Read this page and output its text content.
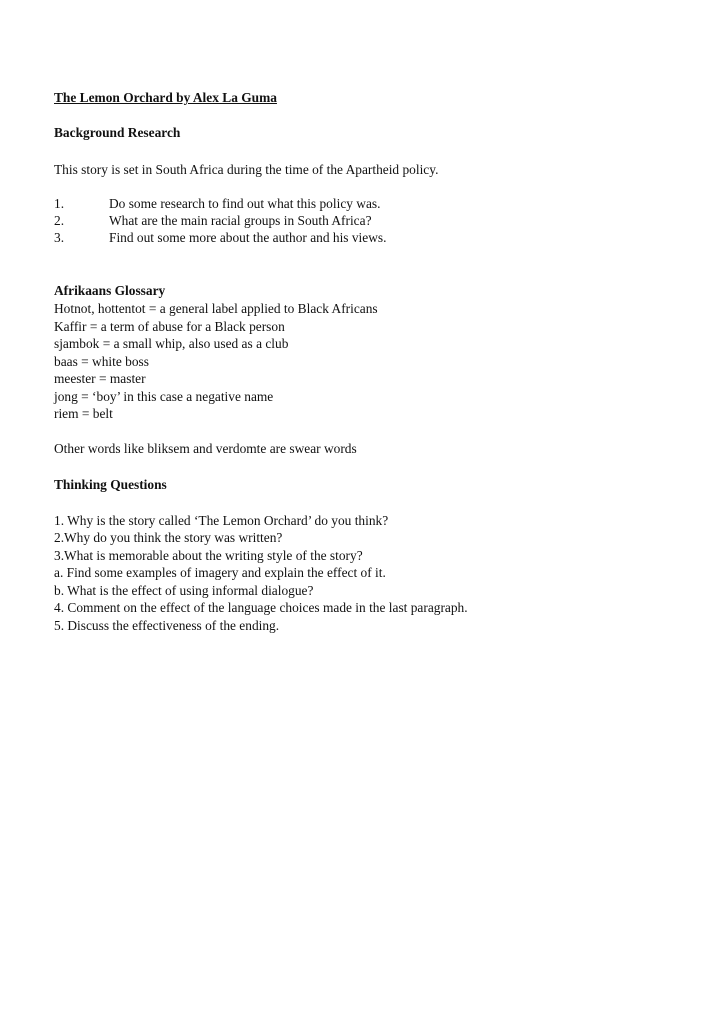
The Lemon Orchard by Alex La Guma
Background Research
This story is set in South Africa during the time of the Apartheid policy.
1.	Do some research to find out what this policy was.
2.	What are the main racial groups in South Africa?
3.	Find out some more about the author and his views.
Afrikaans Glossary
Hotnot, hottentot = a general label applied to Black Africans
Kaffir = a term of abuse for a Black person
sjambok = a small whip, also used as a club
baas = white boss
meester = master
jong = ‘boy’ in this case a negative name
riem = belt
Other words like bliksem and verdomte are swear words
Thinking Questions
1. Why is the story called ‘The Lemon Orchard’ do you think?
2.Why do you think the story was written?
3.What is memorable about the writing style of the story?
a. Find some examples of imagery and explain the effect of it.
b. What is the effect of using informal dialogue?
4. Comment on the effect of the language choices made in the last paragraph.
5. Discuss the effectiveness of the ending.
